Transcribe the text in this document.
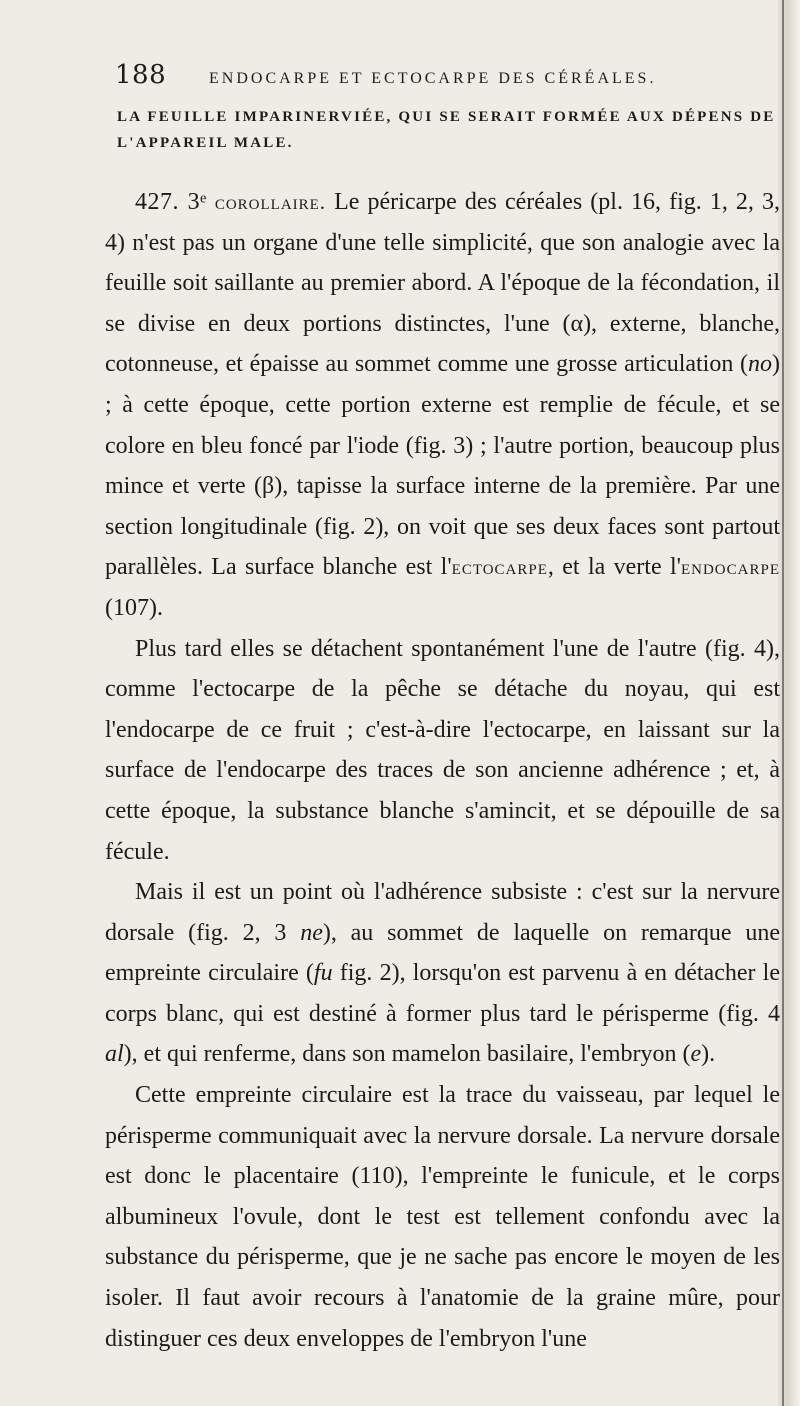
188	ENDOCARPE ET ECTOCARPE DES CÉRÉALES.
LA FEUILLE IMPARINERVIÉE, QUI SE SERAIT FORMÉE AUX DÉPENS DE L'APPAREIL MALE.

427. 3ᵉ corollaire. Le péricarpe des céréales (pl. 16, fig. 1, 2, 3, 4) n'est pas un organe d'une telle simplicité, que son analogie avec la feuille soit saillante au premier abord. A l'époque de la fécondation, il se divise en deux portions distinctes, l'une (α), externe, blanche, cotonneuse, et épaisse au sommet comme une grosse articulation (no) ; à cette époque, cette portion externe est remplie de fécule, et se colore en bleu foncé par l'iode (fig. 3) ; l'autre portion, beaucoup plus mince et verte (β), tapisse la surface interne de la première. Par une section longitudinale (fig. 2), on voit que ses deux faces sont partout parallèles. La surface blanche est l'ectocarpe, et la verte l'endocarpe (107).

Plus tard elles se détachent spontanément l'une de l'autre (fig. 4), comme l'ectocarpe de la pêche se détache du noyau, qui est l'endocarpe de ce fruit ; c'est-à-dire l'ectocarpe, en laissant sur la surface de l'endocarpe des traces de son ancienne adhérence ; et, à cette époque, la substance blanche s'amincit, et se dépouille de sa fécule.

Mais il est un point où l'adhérence subsiste : c'est sur la nervure dorsale (fig. 2, 3 ne), au sommet de laquelle on remarque une empreinte circulaire (fu fig. 2), lorsqu'on est parvenu à en détacher le corps blanc, qui est destiné à former plus tard le périsperme (fig. 4 al), et qui renferme, dans son mamelon basilaire, l'embryon (e).

Cette empreinte circulaire est la trace du vaisseau, par lequel le périsperme communiquait avec la nervure dorsale. La nervure dorsale est donc le placentaire (110), l'empreinte le funicule, et le corps albumineux l'ovule, dont le test est tellement confondu avec la substance du périsperme, que je ne sache pas encore le moyen de les isoler. Il faut avoir recours à l'anatomie de la graine mûre, pour distinguer ces deux enveloppes de l'embryon l'une
